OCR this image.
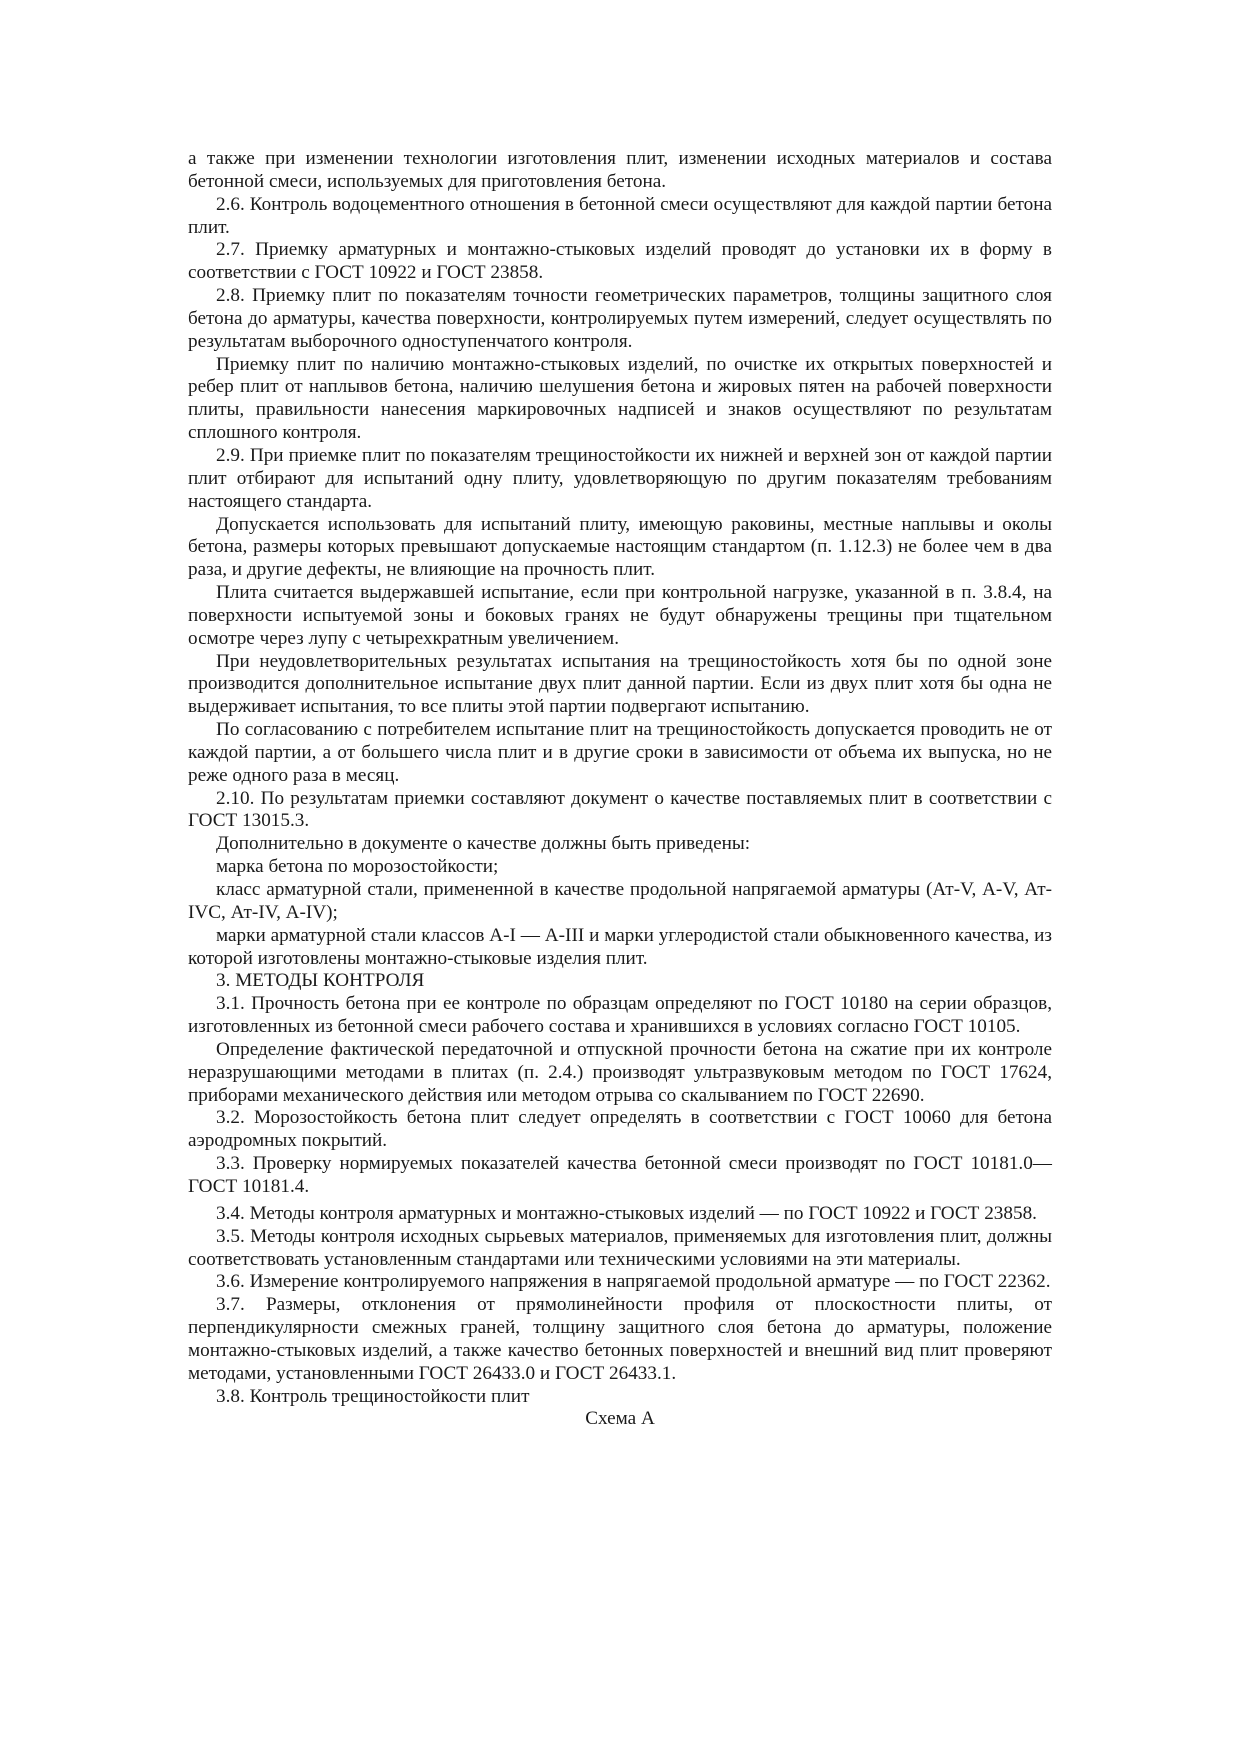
а также при изменении технологии изготовления плит, изменении исходных материалов и состава бетонной смеси, используемых для приготовления бетона.

2.6. Контроль водоцементного отношения в бетонной смеси осуществляют для каждой партии бетона плит.

2.7. Приемку арматурных и монтажно-стыковых изделий проводят до установки их в форму в соответствии с ГОСТ 10922 и ГОСТ 23858.

2.8. Приемку плит по показателям точности геометрических параметров, толщины защитного слоя бетона до арматуры, качества поверхности, контролируемых путем измерений, следует осуществлять по результатам выборочного одноступенчатого контроля.

Приемку плит по наличию монтажно-стыковых изделий, по очистке их открытых поверхностей и ребер плит от наплывов бетона, наличию шелушения бетона и жировых пятен на рабочей поверхности плиты, правильности нанесения маркировочных надписей и знаков осуществляют по результатам сплошного контроля.

2.9. При приемке плит по показателям трещиностойкости их нижней и верхней зон от каждой партии плит отбирают для испытаний одну плиту, удовлетворяющую по другим показателям требованиям настоящего стандарта.

Допускается использовать для испытаний плиту, имеющую раковины, местные наплывы и околы бетона, размеры которых превышают допускаемые настоящим стандартом (п. 1.12.3) не более чем в два раза, и другие дефекты, не влияющие на прочность плит.

Плита считается выдержавшей испытание, если при контрольной нагрузке, указанной в п. 3.8.4, на поверхности испытуемой зоны и боковых гранях не будут обнаружены трещины при тщательном осмотре через лупу с четырехкратным увеличением.

При неудовлетворительных результатах испытания на трещиностойкость хотя бы по одной зоне производится дополнительное испытание двух плит данной партии. Если из двух плит хотя бы одна не выдерживает испытания, то все плиты этой партии подвергают испытанию.

По согласованию с потребителем испытание плит на трещиностойкость допускается проводить не от каждой партии, а от большего числа плит и в другие сроки в зависимости от объема их выпуска, но не реже одного раза в месяц.

2.10. По результатам приемки составляют документ о качестве поставляемых плит в соответствии с ГОСТ 13015.3.

Дополнительно в документе о качестве должны быть приведены:

марка бетона по морозостойкости;

класс арматурной стали, примененной в качестве продольной напрягаемой арматуры (Ат-V, А-V, Ат-IVC, Ат-IV, А-IV);

марки арматурной стали классов А-I — А-III и марки углеродистой стали обыкновенного качества, из которой изготовлены монтажно-стыковые изделия плит.

3. МЕТОДЫ КОНТРОЛЯ

3.1. Прочность бетона при ее контроле по образцам определяют по ГОСТ 10180 на серии образцов, изготовленных из бетонной смеси рабочего состава и хранившихся в условиях согласно ГОСТ 10105.

Определение фактической передаточной и отпускной прочности бетона на сжатие при их контроле неразрушающими методами в плитах (п. 2.4.) производят ультразвуковым методом по ГОСТ 17624, приборами механического действия или методом отрыва со скалыванием по ГОСТ 22690.

3.2. Морозостойкость бетона плит следует определять в соответствии с ГОСТ 10060 для бетона аэродромных покрытий.

3.3. Проверку нормируемых показателей качества бетонной смеси производят по ГОСТ 10181.0—ГОСТ 10181.4.

3.4. Методы контроля арматурных и монтажно-стыковых изделий — по ГОСТ 10922 и ГОСТ 23858.

3.5. Методы контроля исходных сырьевых материалов, применяемых для изготовления плит, должны соответствовать установленным стандартами или техническими условиями на эти материалы.

3.6. Измерение контролируемого напряжения в напрягаемой продольной арматуре — по ГОСТ 22362.

3.7. Размеры, отклонения от прямолинейности профиля от плоскостности плиты, от перпендикулярности смежных граней, толщину защитного слоя бетона до арматуры, положение монтажно-стыковых изделий, а также качество бетонных поверхностей и внешний вид плит проверяют методами, установленными ГОСТ 26433.0 и ГОСТ 26433.1.

3.8. Контроль трещиностойкости плит

Схема А
